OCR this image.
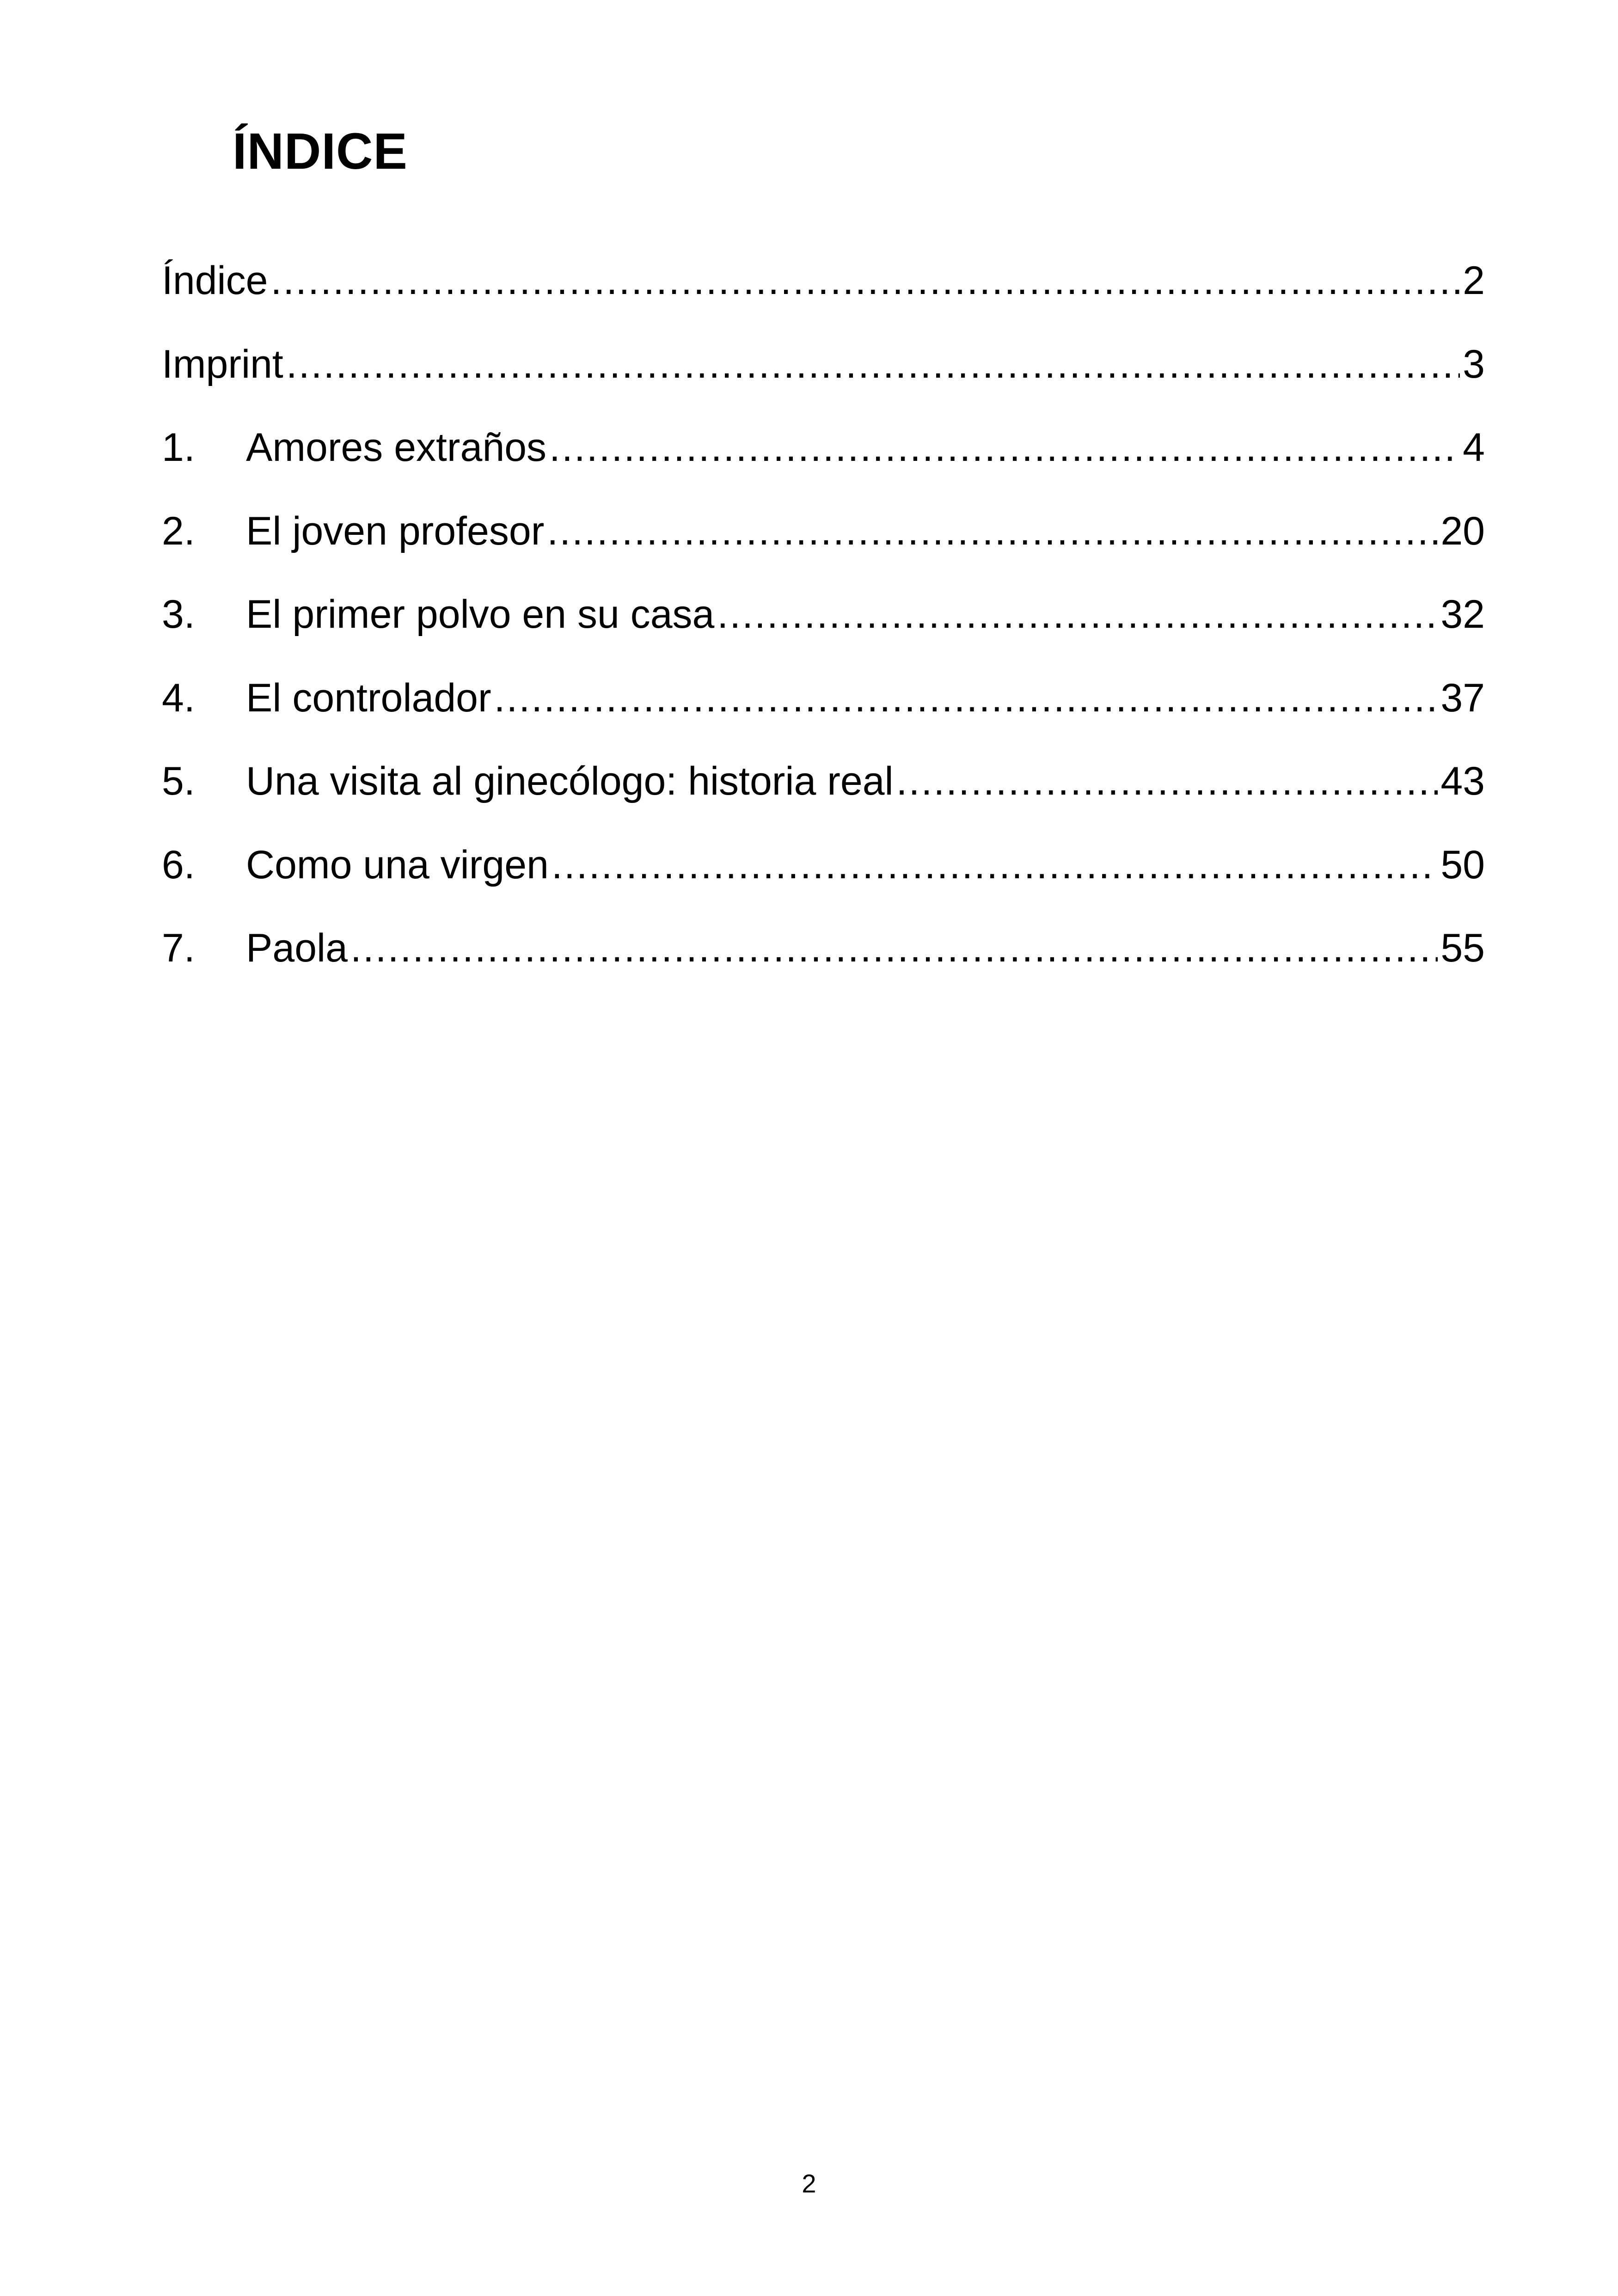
ÍNDICE
Índice .....	2
Imprint .....	3
1.	Amores extraños .....	4
2.	El joven profesor .....	20
3.	El primer polvo en su casa .....	32
4.	El controlador .....	37
5.	Una visita al ginecólogo: historia real .....	43
6.	Como una virgen .....	50
7.	Paola .....	55
2
